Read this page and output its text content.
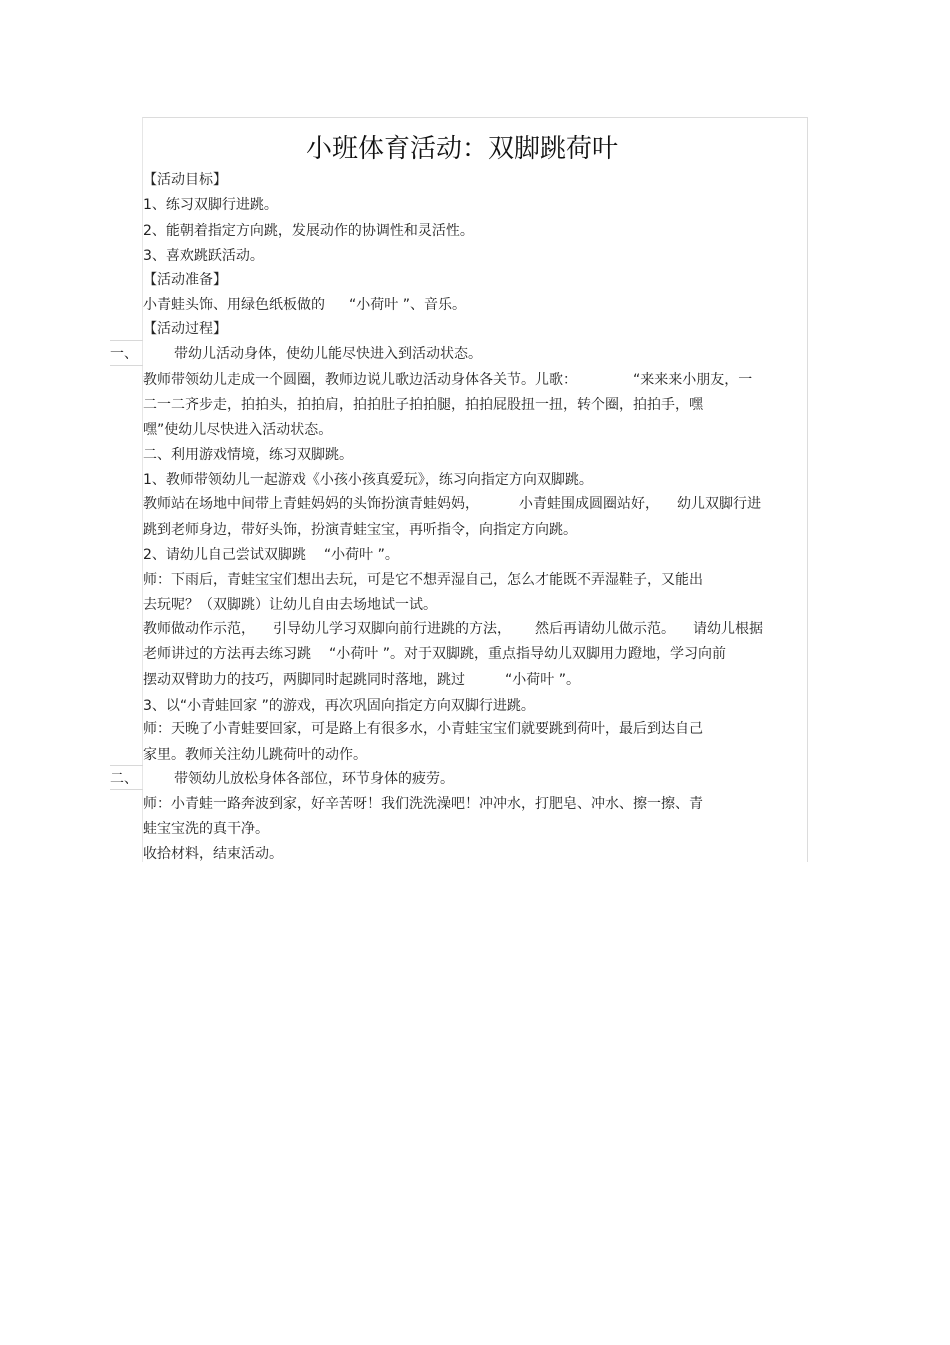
小班体育活动：双脚跳荷叶
【活动目标】
1、练习双脚行进跳。
2、能朝着指定方向跳，发展动作的协调性和灵活性。
3、喜欢跳跃活动。
【活动准备】
小青蛙头饰、用绿色纸板做的 “小荷叶 ”、音乐。
【活动过程】
一、	带幼儿活动身体，使幼儿能尽快进入到活动状态。
教师带领幼儿走成一个圆圈，教师边说儿歌边活动身体各关节。儿歌：	“来来来小朋友，一
二一二齐步走，拍拍头，拍拍肩，拍拍肚子拍拍腿，拍拍屁股扭一扭，转个圈，拍拍手，嘿
嘿”使幼儿尽快进入活动状态。
二、利用游戏情境，练习双脚跳。
1、教师带领幼儿一起游戏《小孩小孩真爱玩》，练习向指定方向双脚跳。
教师站在场地中间带上青蛙妈妈的头饰扮演青蛙妈妈，	小青蛙围成圆圈站好， 幼儿双脚行进
跳到老师身边，带好头饰，扮演青蛙宝宝，再听指令，向指定方向跳。
2、请幼儿自己尝试双脚跳 “小荷叶 ”。
师：下雨后，青蛙宝宝们想出去玩，可是它不想弄湿自己，怎么才能既不弄湿鞋子，又能出
去玩呢？（双脚跳）让幼儿自由去场地试一试。
教师做动作示范， 引导幼儿学习双脚向前行进跳的方法， 然后再请幼儿做示范。 请幼儿根据
老师讲过的方法再去练习跳 “小荷叶 ”。对于双脚跳，重点指导幼儿双脚用力蹬地，学习向前
摆动双臂助力的技巧，两脚同时起跳同时落地，跳过	“小荷叶 ”。
3、以“小青蛙回家 ”的游戏，再次巩固向指定方向双脚行进跳。
师：天晚了小青蛙要回家，可是路上有很多水，小青蛙宝宝们就要跳到荷叶，最后到达自己
家里。教师关注幼儿跳荷叶的动作。
二、	带领幼儿放松身体各部位，环节身体的疲劳。
师：小青蛙一路奔波到家，好辛苦呀！我们洗洗澡吧！冲冲水，打肥皂、冲水、擦一擦、青
蛙宝宝洗的真干净。
收拾材料，结束活动。
